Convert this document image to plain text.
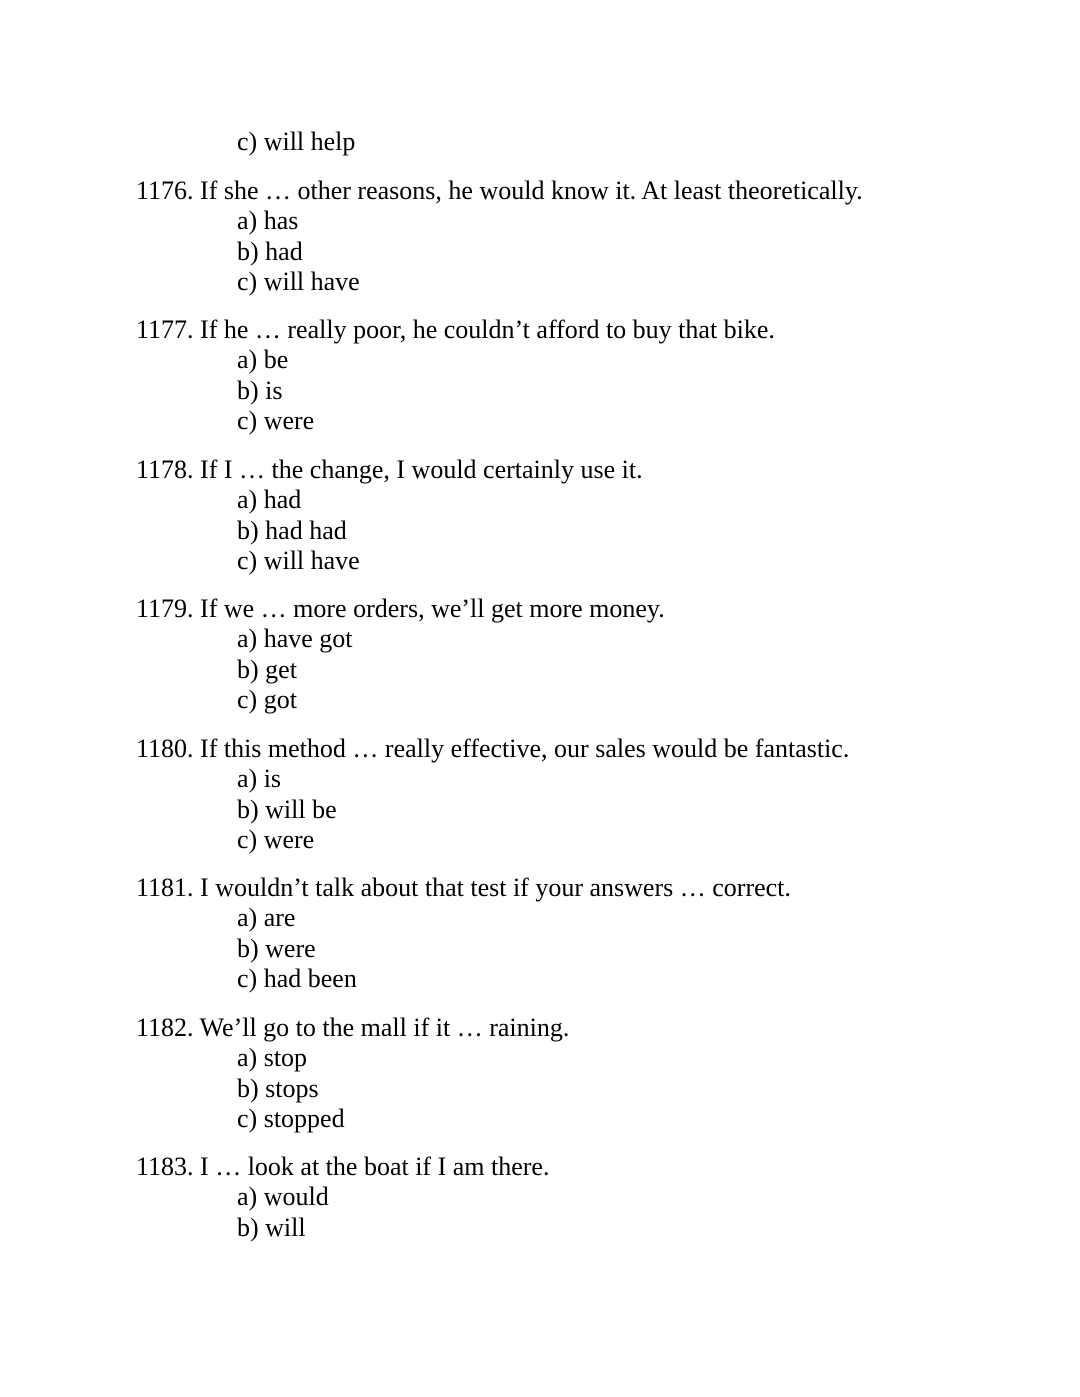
c) will help
1176. If she … other reasons, he would know it. At least theoretically.
a) has
b) had
c) will have
1177. If he … really poor, he couldn’t afford to buy that bike.
a) be
b) is
c) were
1178. If I … the change, I would certainly use it.
a) had
b) had had
c) will have
1179. If we … more orders, we’ll get more money.
a) have got
b) get
c) got
1180. If this method … really effective, our sales would be fantastic.
a) is
b) will be
c) were
1181. I wouldn’t talk about that test if your answers … correct.
a) are
b) were
c) had been
1182. We’ll go to the mall if it … raining.
a) stop
b) stops
c) stopped
1183. I … look at the boat if I am there.
a) would
b) will
